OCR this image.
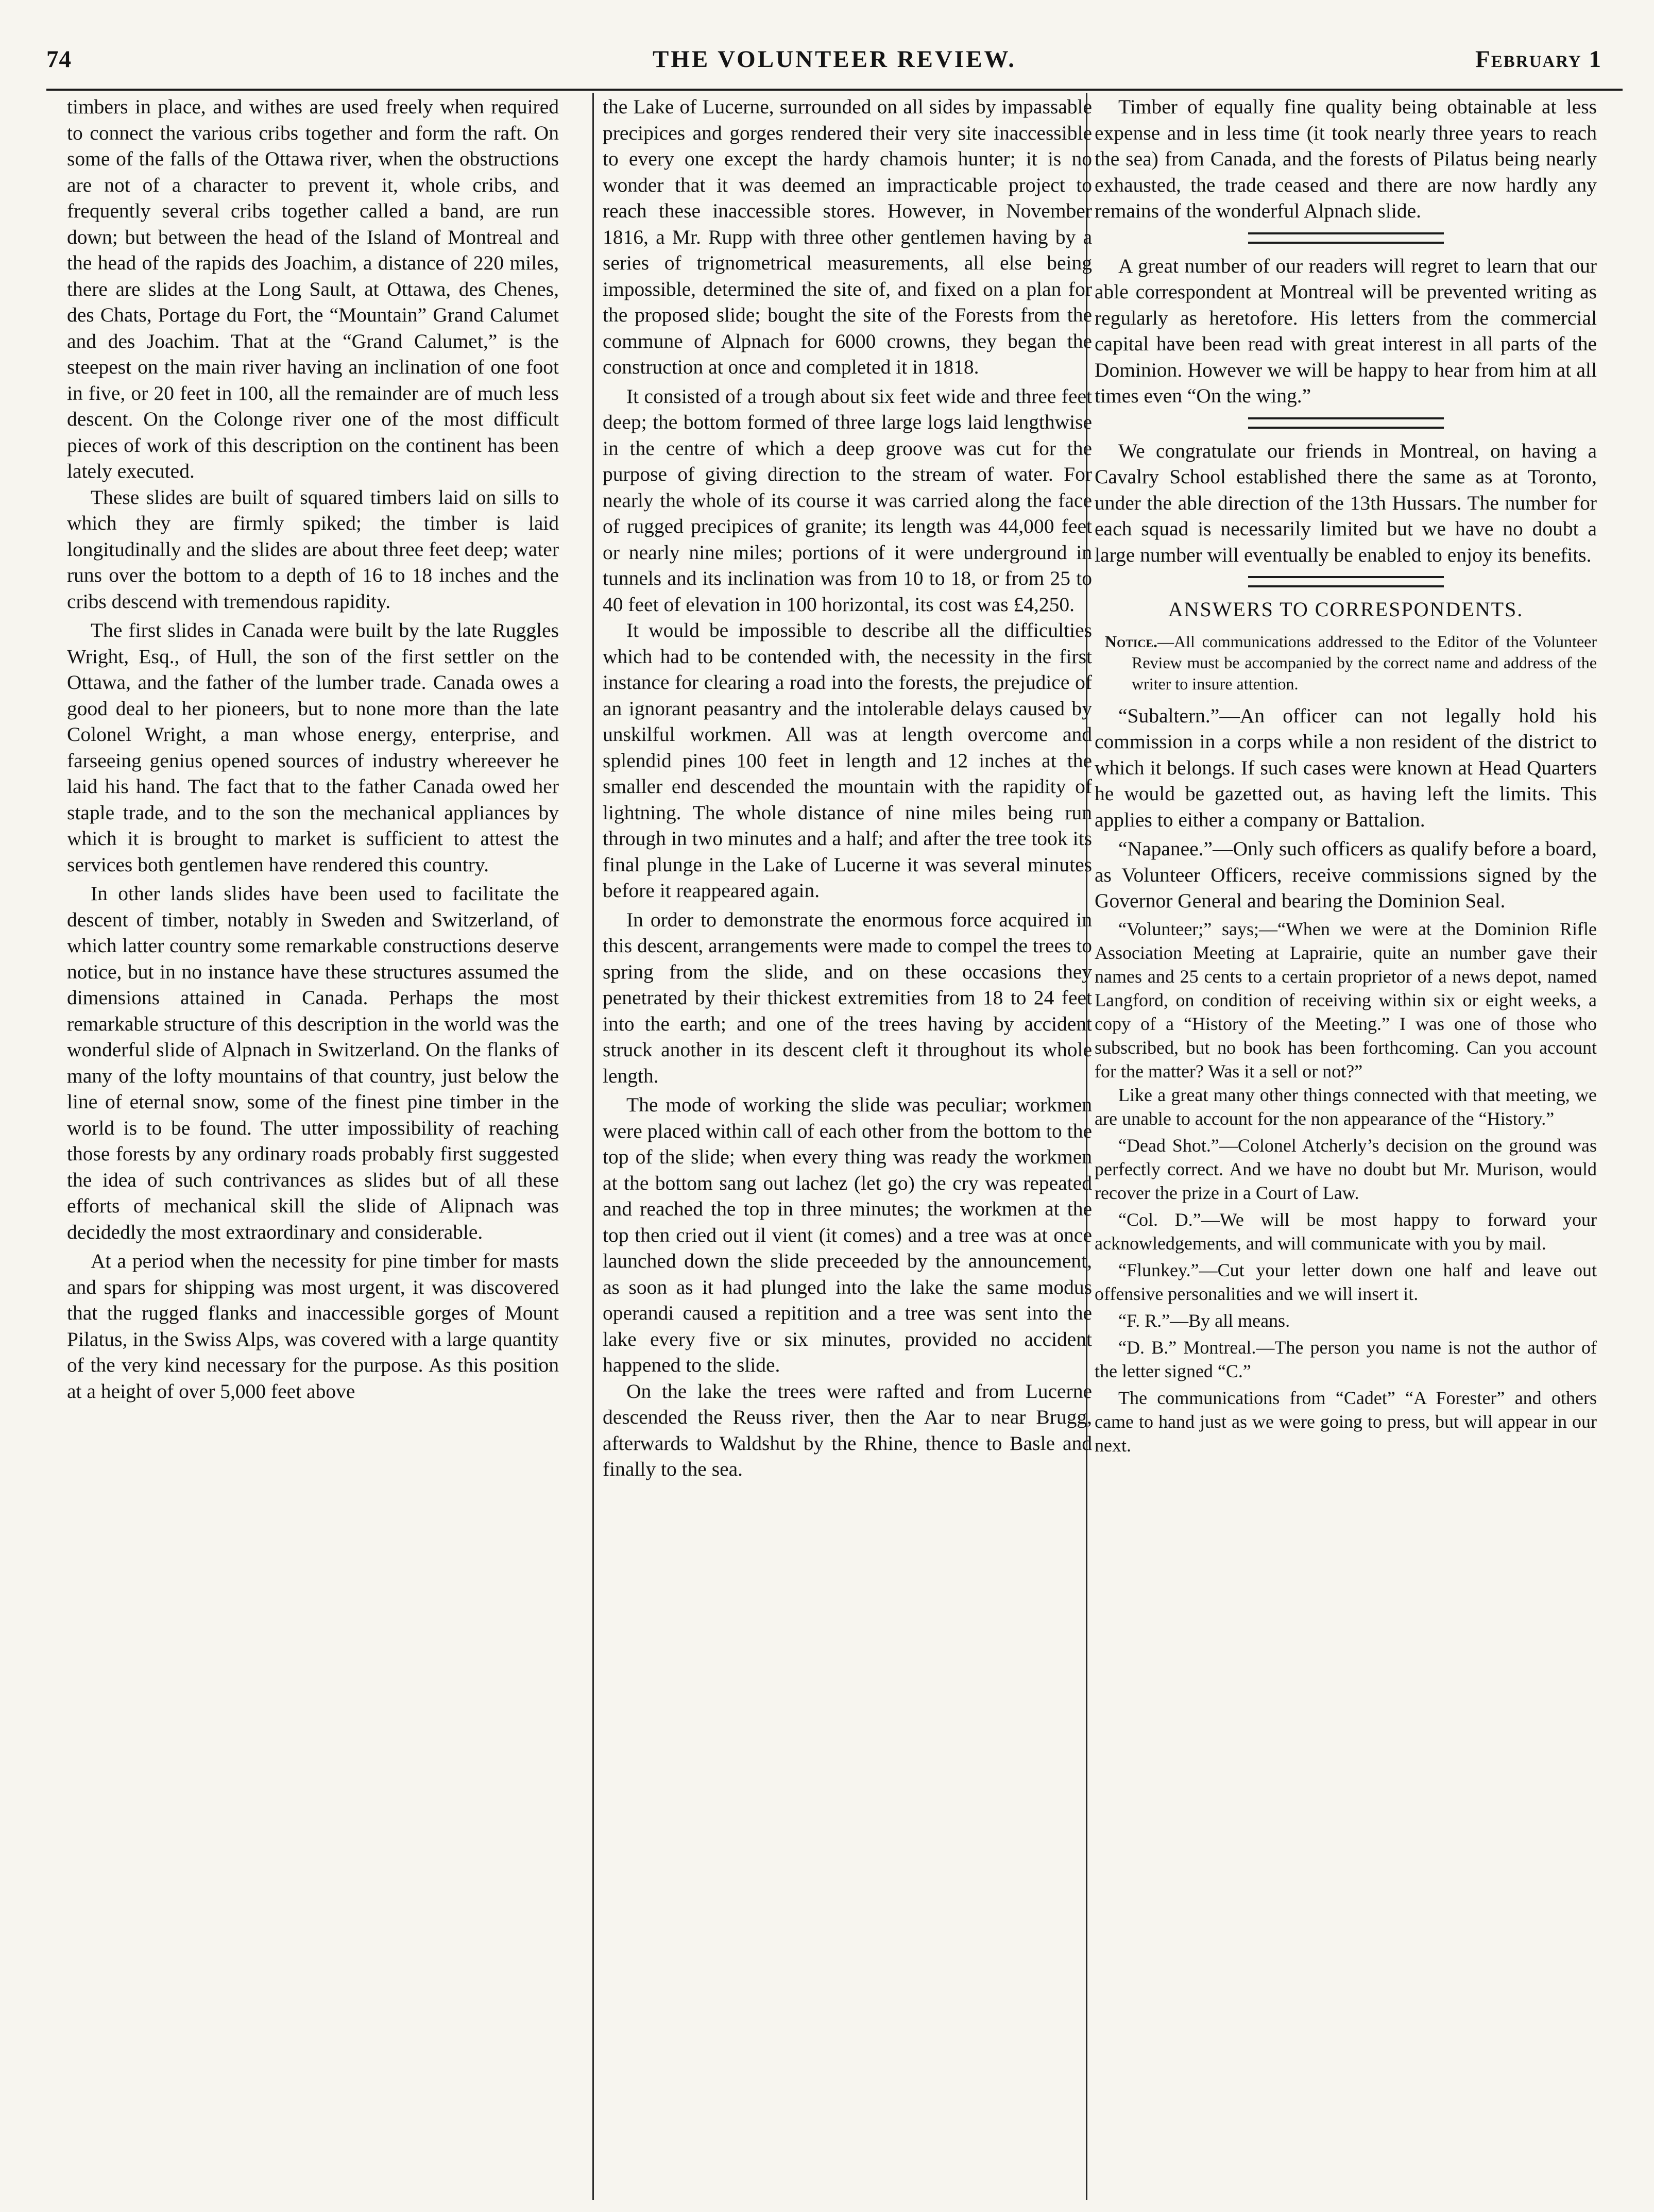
74	THE VOLUNTEER REVIEW.	February 1

timbers in place, and withes are used freely when required to connect the various cribs together and form the raft. On some of the falls of the Ottawa river, when the obstructions are not of a character to prevent it, whole cribs, and frequently several cribs together called a band, are run down; but between the head of the Island of Montreal and the head of the rapids des Joachim, a distance of 220 miles, there are slides at the Long Sault, at Ottawa, des Chenes, des Chats, Portage du Fort, the “Mountain” Grand Calumet and des Joachim. That at the “Grand Calumet,” is the steepest on the main river having an inclination of one foot in five, or 20 feet in 100, all the remainder are of much less descent. On the Colonge river one of the most difficult pieces of work of this description on the continent has been lately executed.

These slides are built of squared timbers laid on sills to which they are firmly spiked; the timber is laid longitudinally and the slides are about three feet deep; water runs over the bottom to a depth of 16 to 18 inches and the cribs descend with tremendous rapidity.

The first slides in Canada were built by the late Ruggles Wright, Esq., of Hull, the son of the first settler on the Ottawa, and the father of the lumber trade. Canada owes a good deal to her pioneers, but to none more than the late Colonel Wright, a man whose energy, enterprise, and farseeing genius opened sources of industry whereever he laid his hand. The fact that to the father Canada owed her staple trade, and to the son the mechanical appliances by which it is brought to market is sufficient to attest the services both gentlemen have rendered this country.

In other lands slides have been used to facilitate the descent of timber, notably in Sweden and Switzerland, of which latter country some remarkable constructions deserve notice, but in no instance have these structures assumed the dimensions attained in Canada. Perhaps the most remarkable structure of this description in the world was the wonderful slide of Alpnach in Switzerland. On the flanks of many of the lofty mountains of that country, just below the line of eternal snow, some of the finest pine timber in the world is to be found. The utter impossibility of reaching those forests by any ordinary roads probably first suggested the idea of such contrivances as slides but of all these efforts of mechanical skill the slide of Alipnach was decidedly the most extraordinary and considerable.

At a period when the necessity for pine timber for masts and spars for shipping was most urgent, it was discovered that the rugged flanks and inaccessible gorges of Mount Pilatus, in the Swiss Alps, was covered with a large quantity of the very kind necessary for the purpose. As this position at a height of over 5,000 feet above

the Lake of Lucerne, surrounded on all sides by impassable precipices and gorges rendered their very site inaccessible to every one except the hardy chamois hunter; it is no wonder that it was deemed an impracticable project to reach these inaccessible stores. However, in November 1816, a Mr. Rupp with three other gentlemen having by a series of trignometrical measurements, all else being impossible, determined the site of, and fixed on a plan for the proposed slide; bought the site of the Forests from the commune of Alpnach for 6000 crowns, they began the construction at once and completed it in 1818.

It consisted of a trough about six feet wide and three feet deep; the bottom formed of three large logs laid lengthwise in the centre of which a deep groove was cut for the purpose of giving direction to the stream of water. For nearly the whole of its course it was carried along the face of rugged precipices of granite; its length was 44,000 feet or nearly nine miles; portions of it were underground in tunnels and its inclination was from 10 to 18, or from 25 to 40 feet of elevation in 100 horizontal, its cost was £4,250.

It would be impossible to describe all the difficulties which had to be contended with, the necessity in the first instance for clearing a road into the forests, the prejudice of an ignorant peasantry and the intolerable delays caused by unskilful workmen. All was at length overcome and splendid pines 100 feet in length and 12 inches at the smaller end descended the mountain with the rapidity of lightning. The whole distance of nine miles being run through in two minutes and a half; and after the tree took its final plunge in the Lake of Lucerne it was several minutes before it reappeared again.

In order to demonstrate the enormous force acquired in this descent, arrangements were made to compel the trees to spring from the slide, and on these occasions they penetrated by their thickest extremities from 18 to 24 feet into the earth; and one of the trees having by accident struck another in its descent cleft it throughout its whole length.

The mode of working the slide was peculiar; workmen were placed within call of each other from the bottom to the top of the slide; when every thing was ready the workmen at the bottom sang out lachez (let go) the cry was repeated and reached the top in three minutes; the workmen at the top then cried out il vient (it comes) and a tree was at once launched down the slide preceeded by the announcement, as soon as it had plunged into the lake the same modus operandi caused a repitition and a tree was sent into the lake every five or six minutes, provided no accident happened to the slide.

On the lake the trees were rafted and from Lucerne descended the Reuss river, then the Aar to near Brugg, afterwards to Waldshut by the Rhine, thence to Basle and finally to the sea.

Timber of equally fine quality being obtainable at less expense and in less time (it took nearly three years to reach the sea) from Canada, and the forests of Pilatus being nearly exhausted, the trade ceased and there are now hardly any remains of the wonderful Alpnach slide.

A great number of our readers will regret to learn that our able correspondent at Montreal will be prevented writing as regularly as heretofore. His letters from the commercial capital have been read with great interest in all parts of the Dominion. However we will be happy to hear from him at all times even “On the wing.”

We congratulate our friends in Montreal, on having a Cavalry School established there the same as at Toronto, under the able direction of the 13th Hussars. The number for each squad is necessarily limited but we have no doubt a large number will eventually be enabled to enjoy its benefits.

ANSWERS TO CORRESPONDENTS.
Notice.—All communications addressed to the Editor of the Volunteer Review must be accompanied by the correct name and address of the writer to insure attention.

“Subaltern.”—An officer can not legally hold his commission in a corps while a non resident of the district to which it belongs. If such cases were known at Head Quarters he would be gazetted out, as having left the limits. This applies to either a company or Battalion.

“Napanee.”—Only such officers as qualify before a board, as Volunteer Officers, receive commissions signed by the Governor General and bearing the Dominion Seal.

“Volunteer;” says;—“When we were at the Dominion Rifle Association Meeting at Laprairie, quite an number gave their names and 25 cents to a certain proprietor of a news depot, named Langford, on condition of receiving within six or eight weeks, a copy of a “History of the Meeting.” I was one of those who subscribed, but no book has been forthcoming. Can you account for the matter? Was it a sell or not?”

Like a great many other things connected with that meeting, we are unable to account for the non appearance of the “History.”

“Dead Shot.”—Colonel Atcherly’s decision on the ground was perfectly correct. And we have no doubt but Mr. Murison, would recover the prize in a Court of Law.

“Col. D.”—We will be most happy to forward your acknowledgements, and will communicate with you by mail.

“Flunkey.”—Cut your letter down one half and leave out offensive personalities and we will insert it.

“F. R.”—By all means.

“D. B.” Montreal.—The person you name is not the author of the letter signed “C.”

The communications from “Cadet” “A Forester” and others came to hand just as we were going to press, but will appear in our next.
